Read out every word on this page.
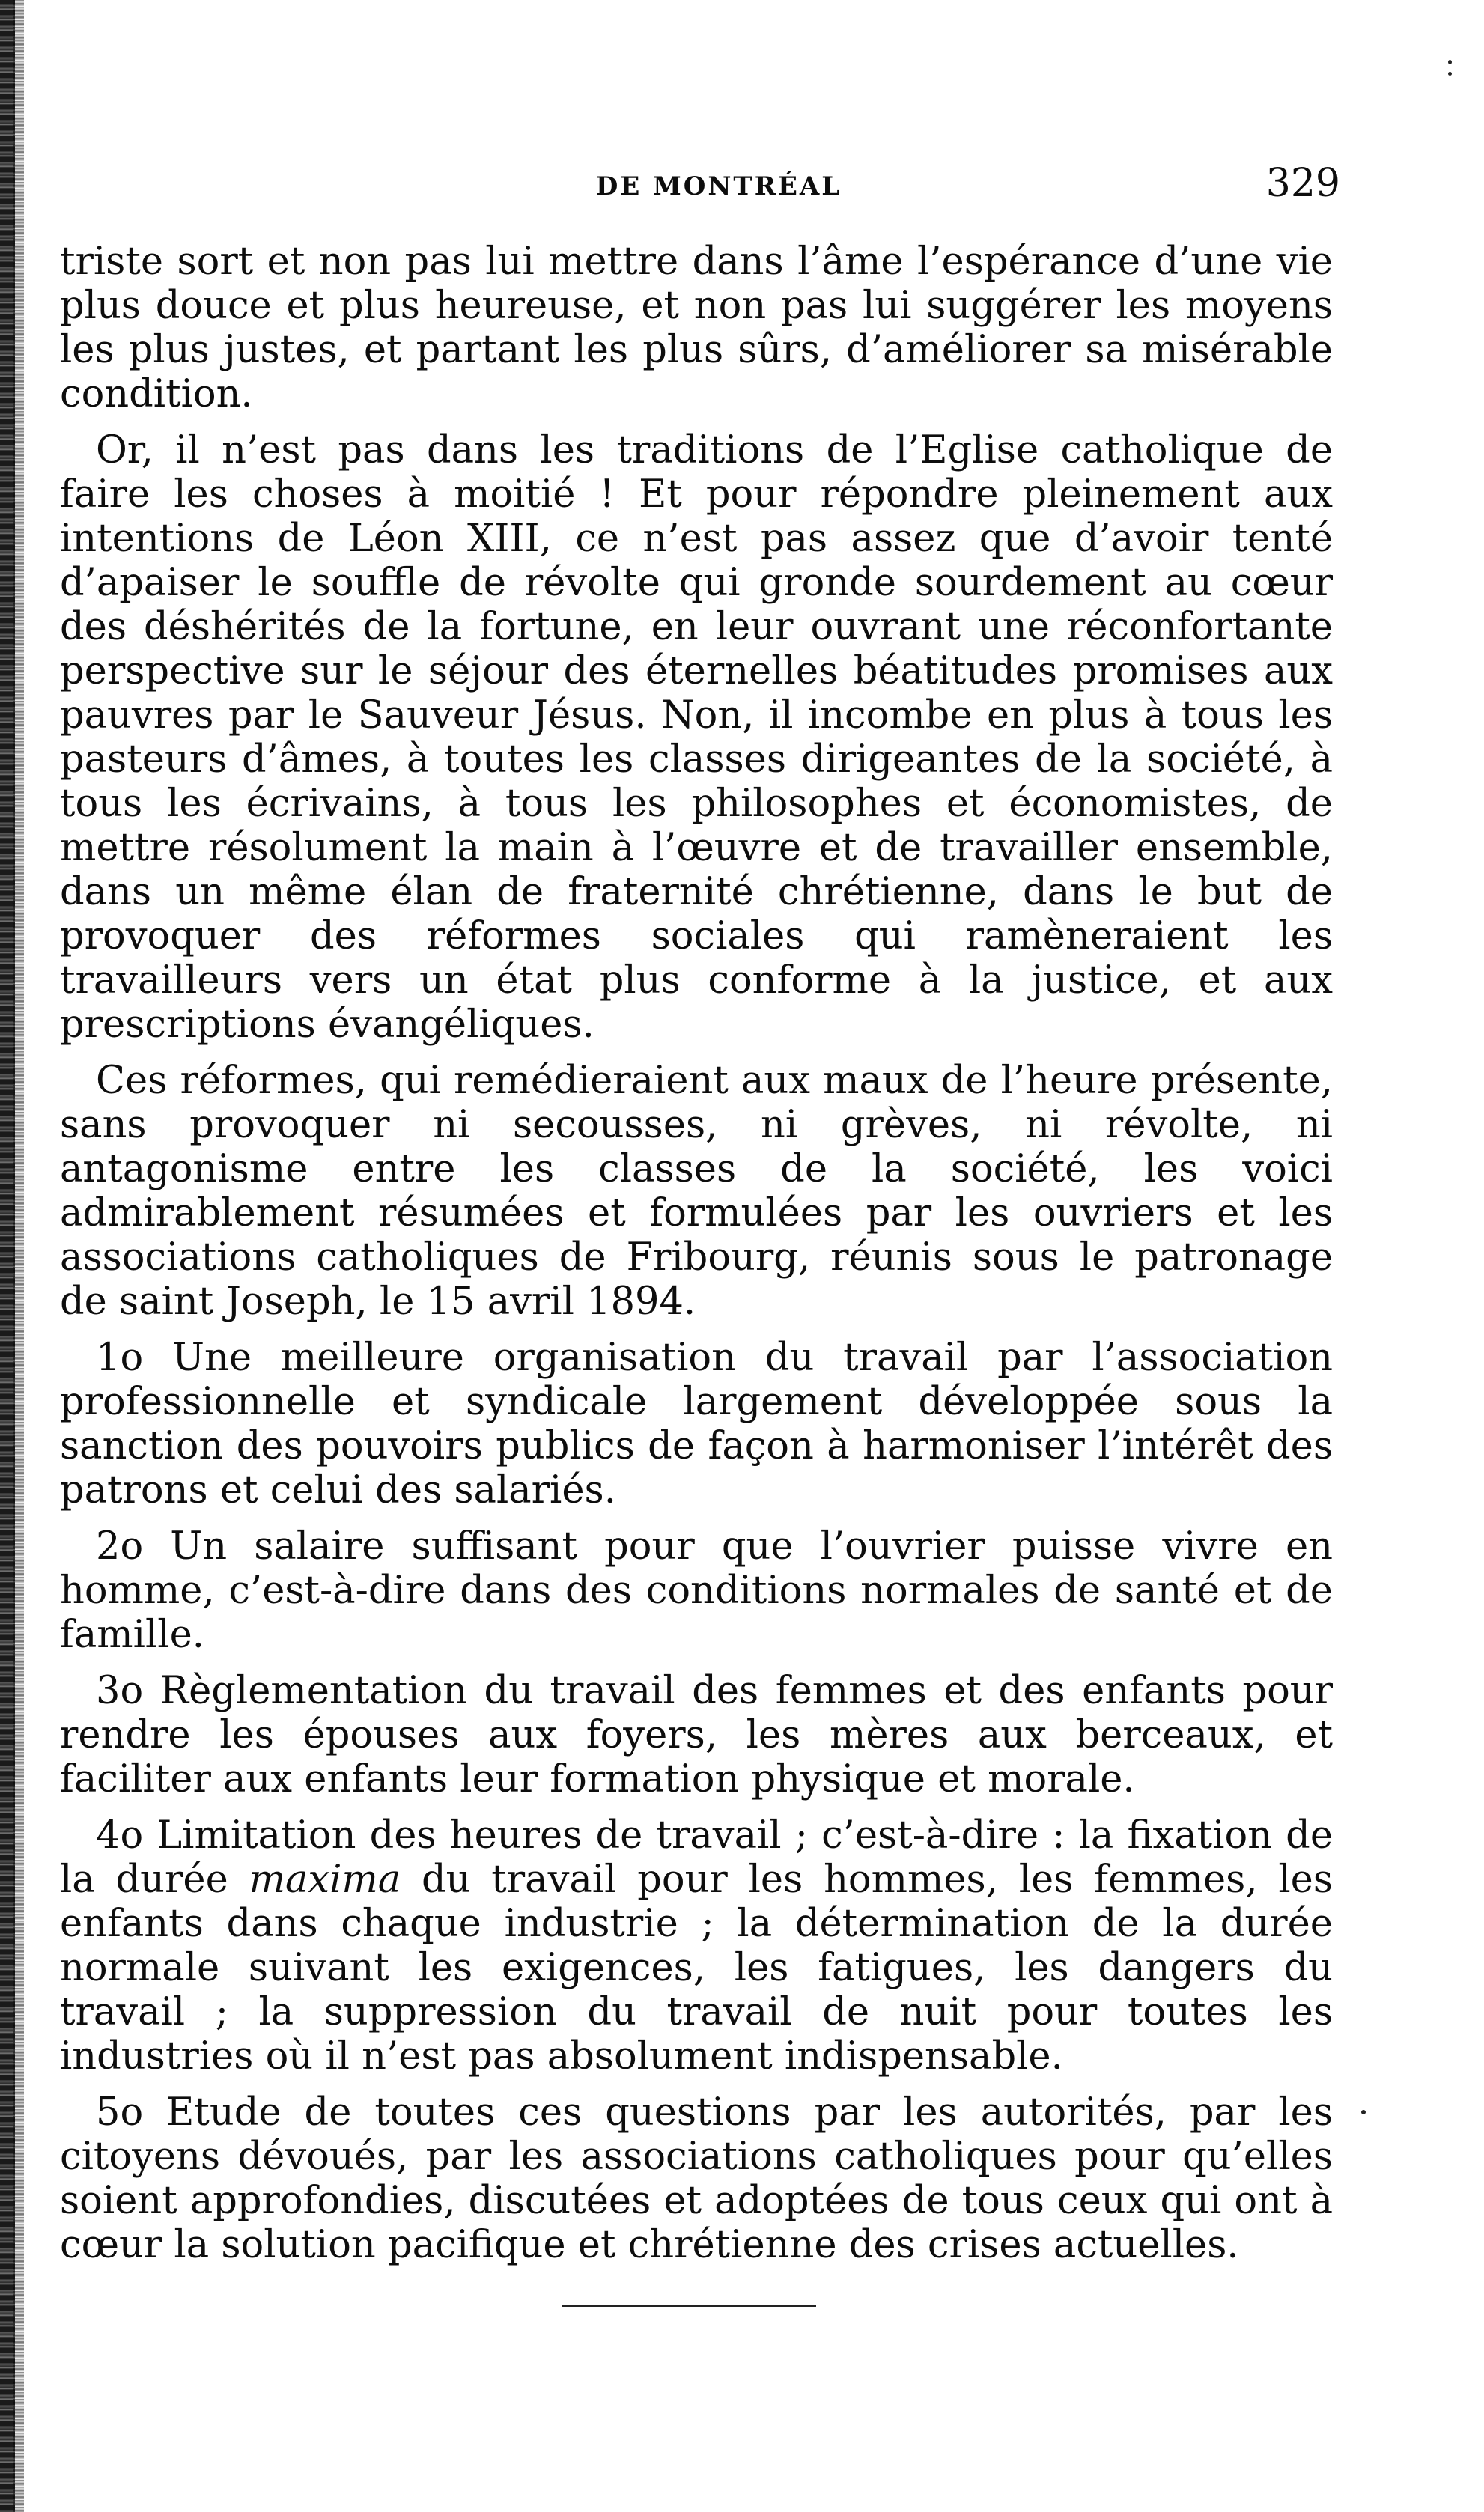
DE MONTRÉAL	329

triste sort et non pas lui mettre dans l’âme l’espérance d’une vie plus douce et plus heureuse, et non pas lui suggérer les moyens les plus justes, et partant les plus sûrs, d’améliorer sa misérable condition.

Or, il n’est pas dans les traditions de l’Eglise catholique de faire les choses à moitié ! Et pour répondre pleinement aux intentions de Léon XIII, ce n’est pas assez que d’avoir tenté d’apaiser le souffle de révolte qui gronde sourdement au cœur des déshérités de la fortune, en leur ouvrant une réconfortante perspective sur le séjour des éternelles béatitudes promises aux pauvres par le Sauveur Jésus. Non, il incombe en plus à tous les pasteurs d’âmes, à toutes les classes dirigeantes de la société, à tous les écrivains, à tous les philosophes et économistes, de mettre résolument la main à l’œuvre et de travailler ensemble, dans un même élan de fraternité chrétienne, dans le but de provoquer des réformes sociales qui ramèneraient les travailleurs vers un état plus conforme à la justice, et aux prescriptions évangéliques.

Ces réformes, qui remédieraient aux maux de l’heure présente, sans provoquer ni secousses, ni grèves, ni révolte, ni antagonisme entre les classes de la société, les voici admirablement résumées et formulées par les ouvriers et les associations catholiques de Fribourg, réunis sous le patronage de saint Joseph, le 15 avril 1894.

1o Une meilleure organisation du travail par l’association professionnelle et syndicale largement développée sous la sanction des pouvoirs publics de façon à harmoniser l’intérêt des patrons et celui des salariés.

2o Un salaire suffisant pour que l’ouvrier puisse vivre en homme, c’est-à-dire dans des conditions normales de santé et de famille.

3o Règlementation du travail des femmes et des enfants pour rendre les épouses aux foyers, les mères aux berceaux, et faciliter aux enfants leur formation physique et morale.

4o Limitation des heures de travail ; c’est-à-dire : la fixation de la durée maxima du travail pour les hommes, les femmes, les enfants dans chaque industrie ; la détermination de la durée normale suivant les exigences, les fatigues, les dangers du travail ; la suppression du travail de nuit pour toutes les industries où il n’est pas absolument indispensable.

5o Etude de toutes ces questions par les autorités, par les citoyens dévoués, par les associations catholiques pour qu’elles soient approfondies, discutées et adoptées de tous ceux qui ont à cœur la solution pacifique et chrétienne des crises actuelles.
